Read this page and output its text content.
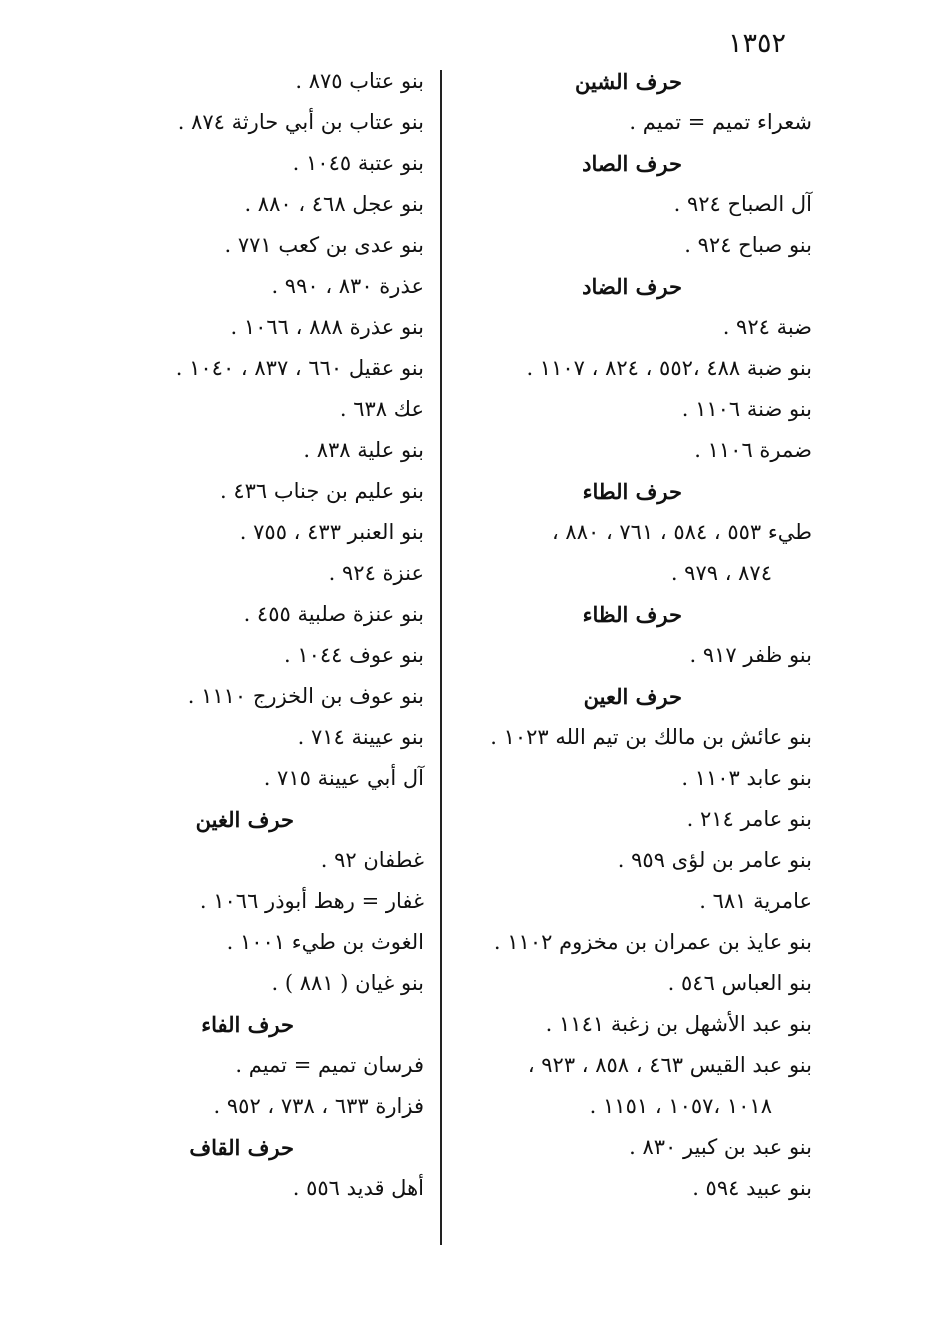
١٣٥٢
حرف الشين
شعراء تميم = تميم .
حرف الصاد
آل الصباح ٩٢٤ .
بنو صباح ٩٢٤ .
حرف الضاد
ضبة ٩٢٤ .
بنو ضبة ٤٨٨ ،٥٥٢ ، ٨٢٤ ، ١١٠٧ .
بنو ضنة ١١٠٦ .
ضمرة ١١٠٦ .
حرف الطاء
طيء ٥٥٣ ، ٥٨٤ ، ٧٦١ ، ٨٨٠ ،
٨٧٤ ، ٩٧٩ .
حرف الظاء
بنو ظفر ٩١٧ .
حرف العين
بنو عائش بن مالك بن تيم الله ١٠٢٣ .
بنو عابد ١١٠٣ .
بنو عامر ٢١٤ .
بنو عامر بن لؤى ٩٥٩ .
عامرية ٦٨١ .
بنو عايذ بن عمران بن مخزوم ١١٠٢ .
بنو العباس ٥٤٦ .
بنو عبد الأشهل بن زغبة ١١٤١ .
بنو عبد القيس ٤٦٣ ، ٨٥٨ ، ٩٢٣ ،
١٠١٨ ،١٠٥٧ ، ١١٥١ .
بنو عبد بن كبير ٨٣٠ .
بنو عبيد ٥٩٤ .
بنو عتاب ٨٧٥ .
بنو عتاب بن أبي حارثة ٨٧٤ .
بنو عتبة ١٠٤٥ .
بنو عجل ٤٦٨ ، ٨٨٠ .
بنو عدى بن كعب ٧٧١ .
عذرة ٨٣٠ ، ٩٩٠ .
بنو عذرة ٨٨٨ ، ١٠٦٦ .
بنو عقيل ٦٦٠ ، ٨٣٧ ، ١٠٤٠ .
عك ٦٣٨ .
بنو علية ٨٣٨ .
بنو عليم بن جناب ٤٣٦ .
بنو العنبر ٤٣٣ ، ٧٥٥ .
عنزة ٩٢٤ .
بنو عنزة صلبية ٤٥٥ .
بنو عوف ١٠٤٤ .
بنو عوف بن الخزرج ١١١٠ .
بنو عيينة ٧١٤ .
آل أبي عيينة ٧١٥ .
حرف الغين
غطفان ٩٢ .
غفار = رهط أبوذر ١٠٦٦ .
الغوث بن طيء ١٠٠١ .
بنو غيان ( ٨٨١ ) .
حرف الفاء
فرسان تميم = تميم .
فزارة ٦٣٣ ، ٧٣٨ ، ٩٥٢ .
حرف القاف
أهل قديد ٥٥٦ .
